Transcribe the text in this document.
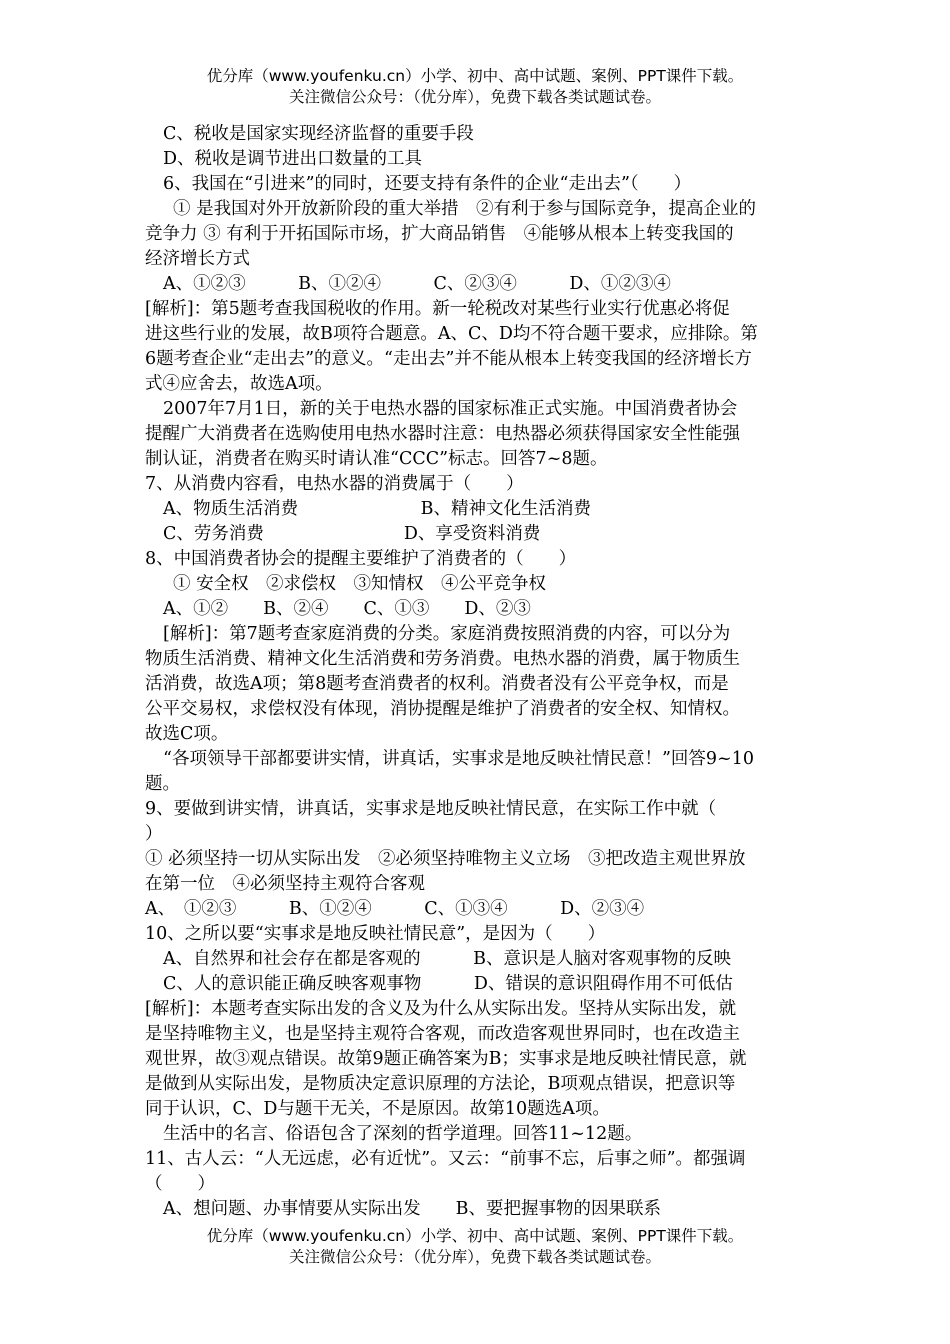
优分库（www.youfenku.cn）小学、初中、高中试题、案例、PPT课件下载。
关注微信公众号：（优分库），免费下载各类试题试卷。

C、税收是国家实现经济监督的重要手段

D、税收是调节进出口数量的工具

6、我国在“引进来”的同时，还要支持有条件的企业“走出去”（　　）

① 是我国对外开放新阶段的重大举措　②有利于参与国际竞争，提高企业的

竞争力 ③ 有利于开拓国际市场，扩大商品销售　④能够从根本上转变我国的

经济增长方式

A、①②③　　　B、①②④　　　C、②③④　　　D、①②③④

[解析]：第5题考查我国税收的作用。新一轮税改对某些行业实行优惠必将促

进这些行业的发展，故B项符合题意。A、C、D均不符合题干要求，应排除。第

6题考查企业“走出去”的意义。“走出去”并不能从根本上转变我国的经济增长方

式④应舍去，故选A项。

2007年7月1日，新的关于电热水器的国家标准正式实施。中国消费者协会

提醒广大消费者在选购使用电热水器时注意：电热器必须获得国家安全性能强

制认证，消费者在购买时请认准“CCC”标志。回答7~8题。

7、从消费内容看，电热水器的消费属于（　　）

A、物质生活消费　　　　　　　B、精神文化生活消费

C、劳务消费　　　　　　　　D、享受资料消费

8、中国消费者协会的提醒主要维护了消费者的（　　）

① 安全权　②求偿权　③知情权　④公平竞争权

A、①②　　B、②④　　C、①③　　D、②③

[解析]：第7题考查家庭消费的分类。家庭消费按照消费的内容，可以分为

物质生活消费、精神文化生活消费和劳务消费。电热水器的消费，属于物质生

活消费，故选A项；第8题考查消费者的权利。消费者没有公平竞争权，而是

公平交易权，求偿权没有体现，消协提醒是维护了消费者的安全权、知情权。

故选C项。

“各项领导干部都要讲实情，讲真话，实事求是地反映社情民意！”回答9~10

题。

9、要做到讲实情，讲真话，实事求是地反映社情民意，在实际工作中就（

）

① 必须坚持一切从实际出发　②必须坚持唯物主义立场　③把改造主观世界放

在第一位　④必须坚持主观符合客观

A、　①②③　　　B、①②④　　　C、①③④　　　D、②③④

10、之所以要“实事求是地反映社情民意”，是因为（　　）

A、自然界和社会存在都是客观的　　　B、意识是人脑对客观事物的反映

C、人的意识能正确反映客观事物　　　D、错误的意识阻碍作用不可低估

[解析]：本题考查实际出发的含义及为什么从实际出发。坚持从实际出发，就

是坚持唯物主义，也是坚持主观符合客观，而改造客观世界同时，也在改造主

观世界，故③观点错误。故第9题正确答案为B；实事求是地反映社情民意，就

是做到从实际出发，是物质决定意识原理的方法论，B项观点错误，把意识等

同于认识，C、D与题干无关，不是原因。故第10题选A项。

生活中的名言、俗语包含了深刻的哲学道理。回答11~12题。

11、古人云：“人无远虑，必有近忧”。又云：“前事不忘，后事之师”。都强调

（　　）

A、想问题、办事情要从实际出发　　B、要把握事物的因果联系

优分库（www.youfenku.cn）小学、初中、高中试题、案例、PPT课件下载。
关注微信公众号：（优分库），免费下载各类试题试卷。
